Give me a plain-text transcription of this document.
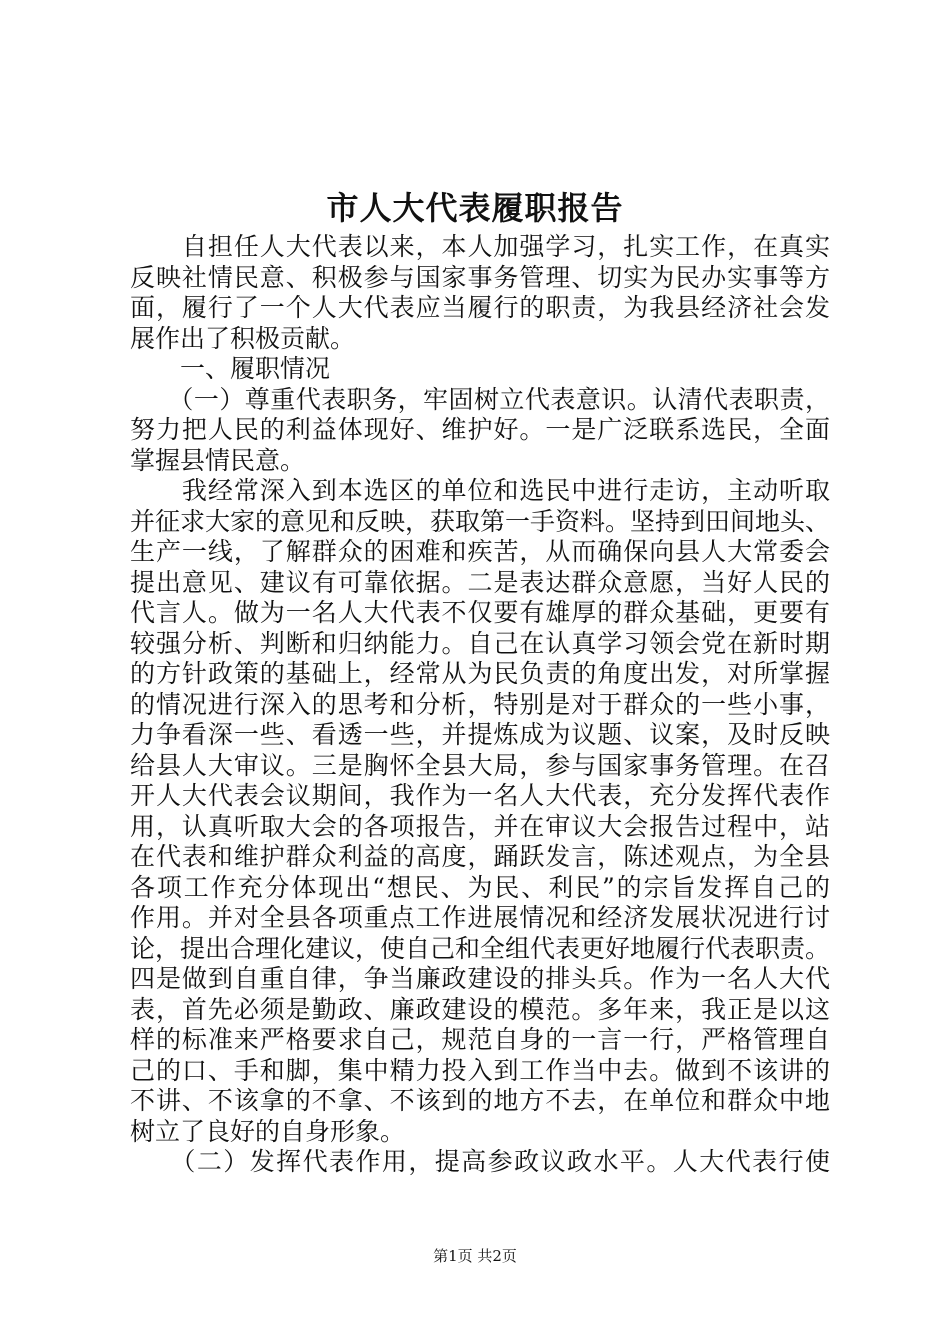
市人大代表履职报告
　　自担任人大代表以来，本人加强学习，扎实工作，在真实
反映社情民意、积极参与国家事务管理、切实为民办实事等方
面，履行了一个人大代表应当履行的职责，为我县经济社会发
展作出了积极贡献。
　　一、履职情况
　　（一）尊重代表职务，牢固树立代表意识。认清代表职责，
努力把人民的利益体现好、维护好。一是广泛联系选民，全面
掌握县情民意。
　　我经常深入到本选区的单位和选民中进行走访，主动听取
并征求大家的意见和反映，获取第一手资料。坚持到田间地头、
生产一线，了解群众的困难和疾苦，从而确保向县人大常委会
提出意见、建议有可靠依据。二是表达群众意愿，当好人民的
代言人。做为一名人大代表不仅要有雄厚的群众基础，更要有
较强分析、判断和归纳能力。自己在认真学习领会党在新时期
的方针政策的基础上，经常从为民负责的角度出发，对所掌握
的情况进行深入的思考和分析，特别是对于群众的一些小事，
力争看深一些、看透一些，并提炼成为议题、议案，及时反映
给县人大审议。三是胸怀全县大局，参与国家事务管理。在召
开人大代表会议期间，我作为一名人大代表，充分发挥代表作
用，认真听取大会的各项报告，并在审议大会报告过程中，站
在代表和维护群众利益的高度，踊跃发言，陈述观点，为全县
各项工作充分体现出“想民、为民、利民”的宗旨发挥自己的
作用。并对全县各项重点工作进展情况和经济发展状况进行讨
论，提出合理化建议，使自己和全组代表更好地履行代表职责。
四是做到自重自律，争当廉政建设的排头兵。作为一名人大代
表，首先必须是勤政、廉政建设的模范。多年来，我正是以这
样的标准来严格要求自己，规范自身的一言一行，严格管理自
己的口、手和脚，集中精力投入到工作当中去。做到不该讲的
不讲、不该拿的不拿、不该到的地方不去，在单位和群众中地
树立了良好的自身形象。
　　（二）发挥代表作用，提高参政议政水平。人大代表行使
第1页 共2页
